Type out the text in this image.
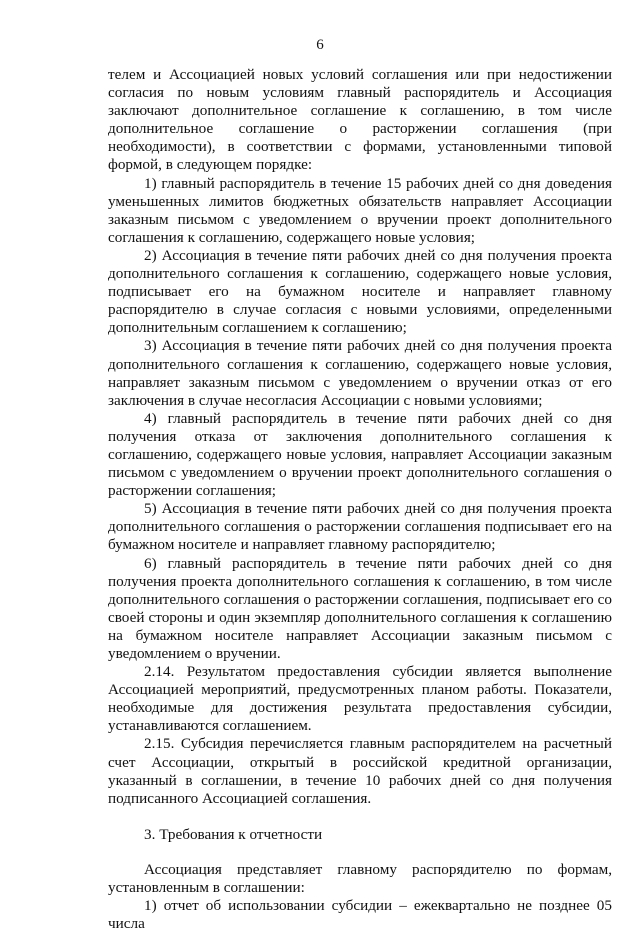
6

телем и Ассоциацией новых условий соглашения или при недостижении согласия по новым условиям главный распорядитель и Ассоциация заключают дополнительное соглашение к соглашению, в том числе дополнительное соглашение о расторжении соглашения (при необходимости), в соответствии с формами, установленными типовой формой, в следующем порядке:

1) главный распорядитель в течение 15 рабочих дней со дня доведения уменьшенных лимитов бюджетных обязательств направляет Ассоциации заказным письмом с уведомлением о вручении проект дополнительного соглашения к соглашению, содержащего новые условия;

2) Ассоциация в течение пяти рабочих дней со дня получения проекта дополнительного соглашения к соглашению, содержащего новые условия, подписывает его на бумажном носителе и направляет главному распорядителю в случае согласия с новыми условиями, определенными дополнительным соглашением к соглашению;

3) Ассоциация в течение пяти рабочих дней со дня получения проекта дополнительного соглашения к соглашению, содержащего новые условия, направляет заказным письмом с уведомлением о вручении отказ от его заключения в случае несогласия Ассоциации с новыми условиями;

4) главный распорядитель в течение пяти рабочих дней со дня получения отказа от заключения дополнительного соглашения к соглашению, содержащего новые условия, направляет Ассоциации заказным письмом с уведомлением о вручении проект дополнительного соглашения о расторжении соглашения;

5) Ассоциация в течение пяти рабочих дней со дня получения проекта дополнительного соглашения о расторжении соглашения подписывает его на бумажном носителе и направляет главному распорядителю;

6) главный распорядитель в течение пяти рабочих дней со дня получения проекта дополнительного соглашения к соглашению, в том числе дополнительного соглашения о расторжении соглашения, подписывает его со своей стороны и один экземпляр дополнительного соглашения к соглашению на бумажном носителе направляет Ассоциации заказным письмом с уведомлением о вручении.

2.14. Результатом предоставления субсидии является выполнение Ассоциацией мероприятий, предусмотренных планом работы. Показатели, необходимые для достижения результата предоставления субсидии, устанавливаются соглашением.

2.15. Субсидия перечисляется главным распорядителем на расчетный счет Ассоциации, открытый в российской кредитной организации, указанный в соглашении, в течение 10 рабочих дней со дня получения подписанного Ассоциацией соглашения.

3. Требования к отчетности

Ассоциация представляет главному распорядителю по формам, установленным в соглашении:

1) отчет об использовании субсидии – ежеквартально не позднее 05 числа
